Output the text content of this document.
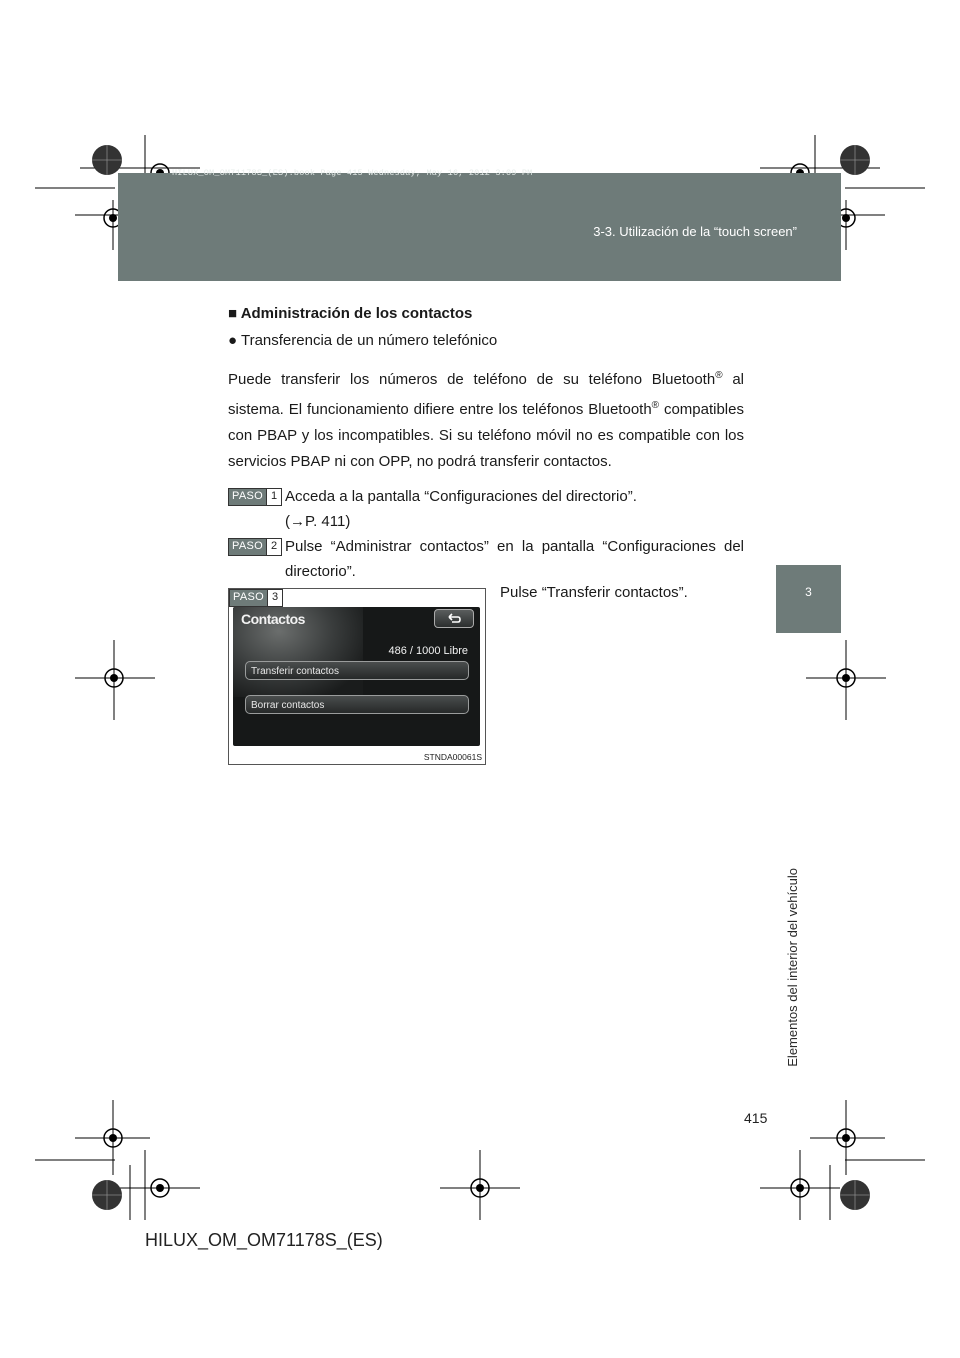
HILUX_OM_OM71178S_(ES).book Page 415 Wednesday, May 16, 2012 3:09 PM
3-3. Utilización de la “touch screen”
3
Elementos del interior del vehículo
■ Administración de los contactos
● Transferencia de un número telefónico
Puede transferir los números de teléfono de su teléfono Bluetooth® al sistema. El funcionamiento difiere entre los teléfonos Bluetooth® compatibles con PBAP y los incompatibles. Si su teléfono móvil no es compatible con los servicios PBAP ni con OPP, no podrá transferir contactos.
PASO 1 Acceda a la pantalla “Configuraciones del directorio”.
(→P. 411)
PASO 2 Pulse “Administrar contactos” en la pantalla “Configuraciones del directorio”.
PASO 3
Contactos
486 / 1000 Libre
Transferir contactos
Borrar contactos
STNDA00061S
Pulse “Transferir contactos”.
415
HILUX_OM_OM71178S_(ES)
